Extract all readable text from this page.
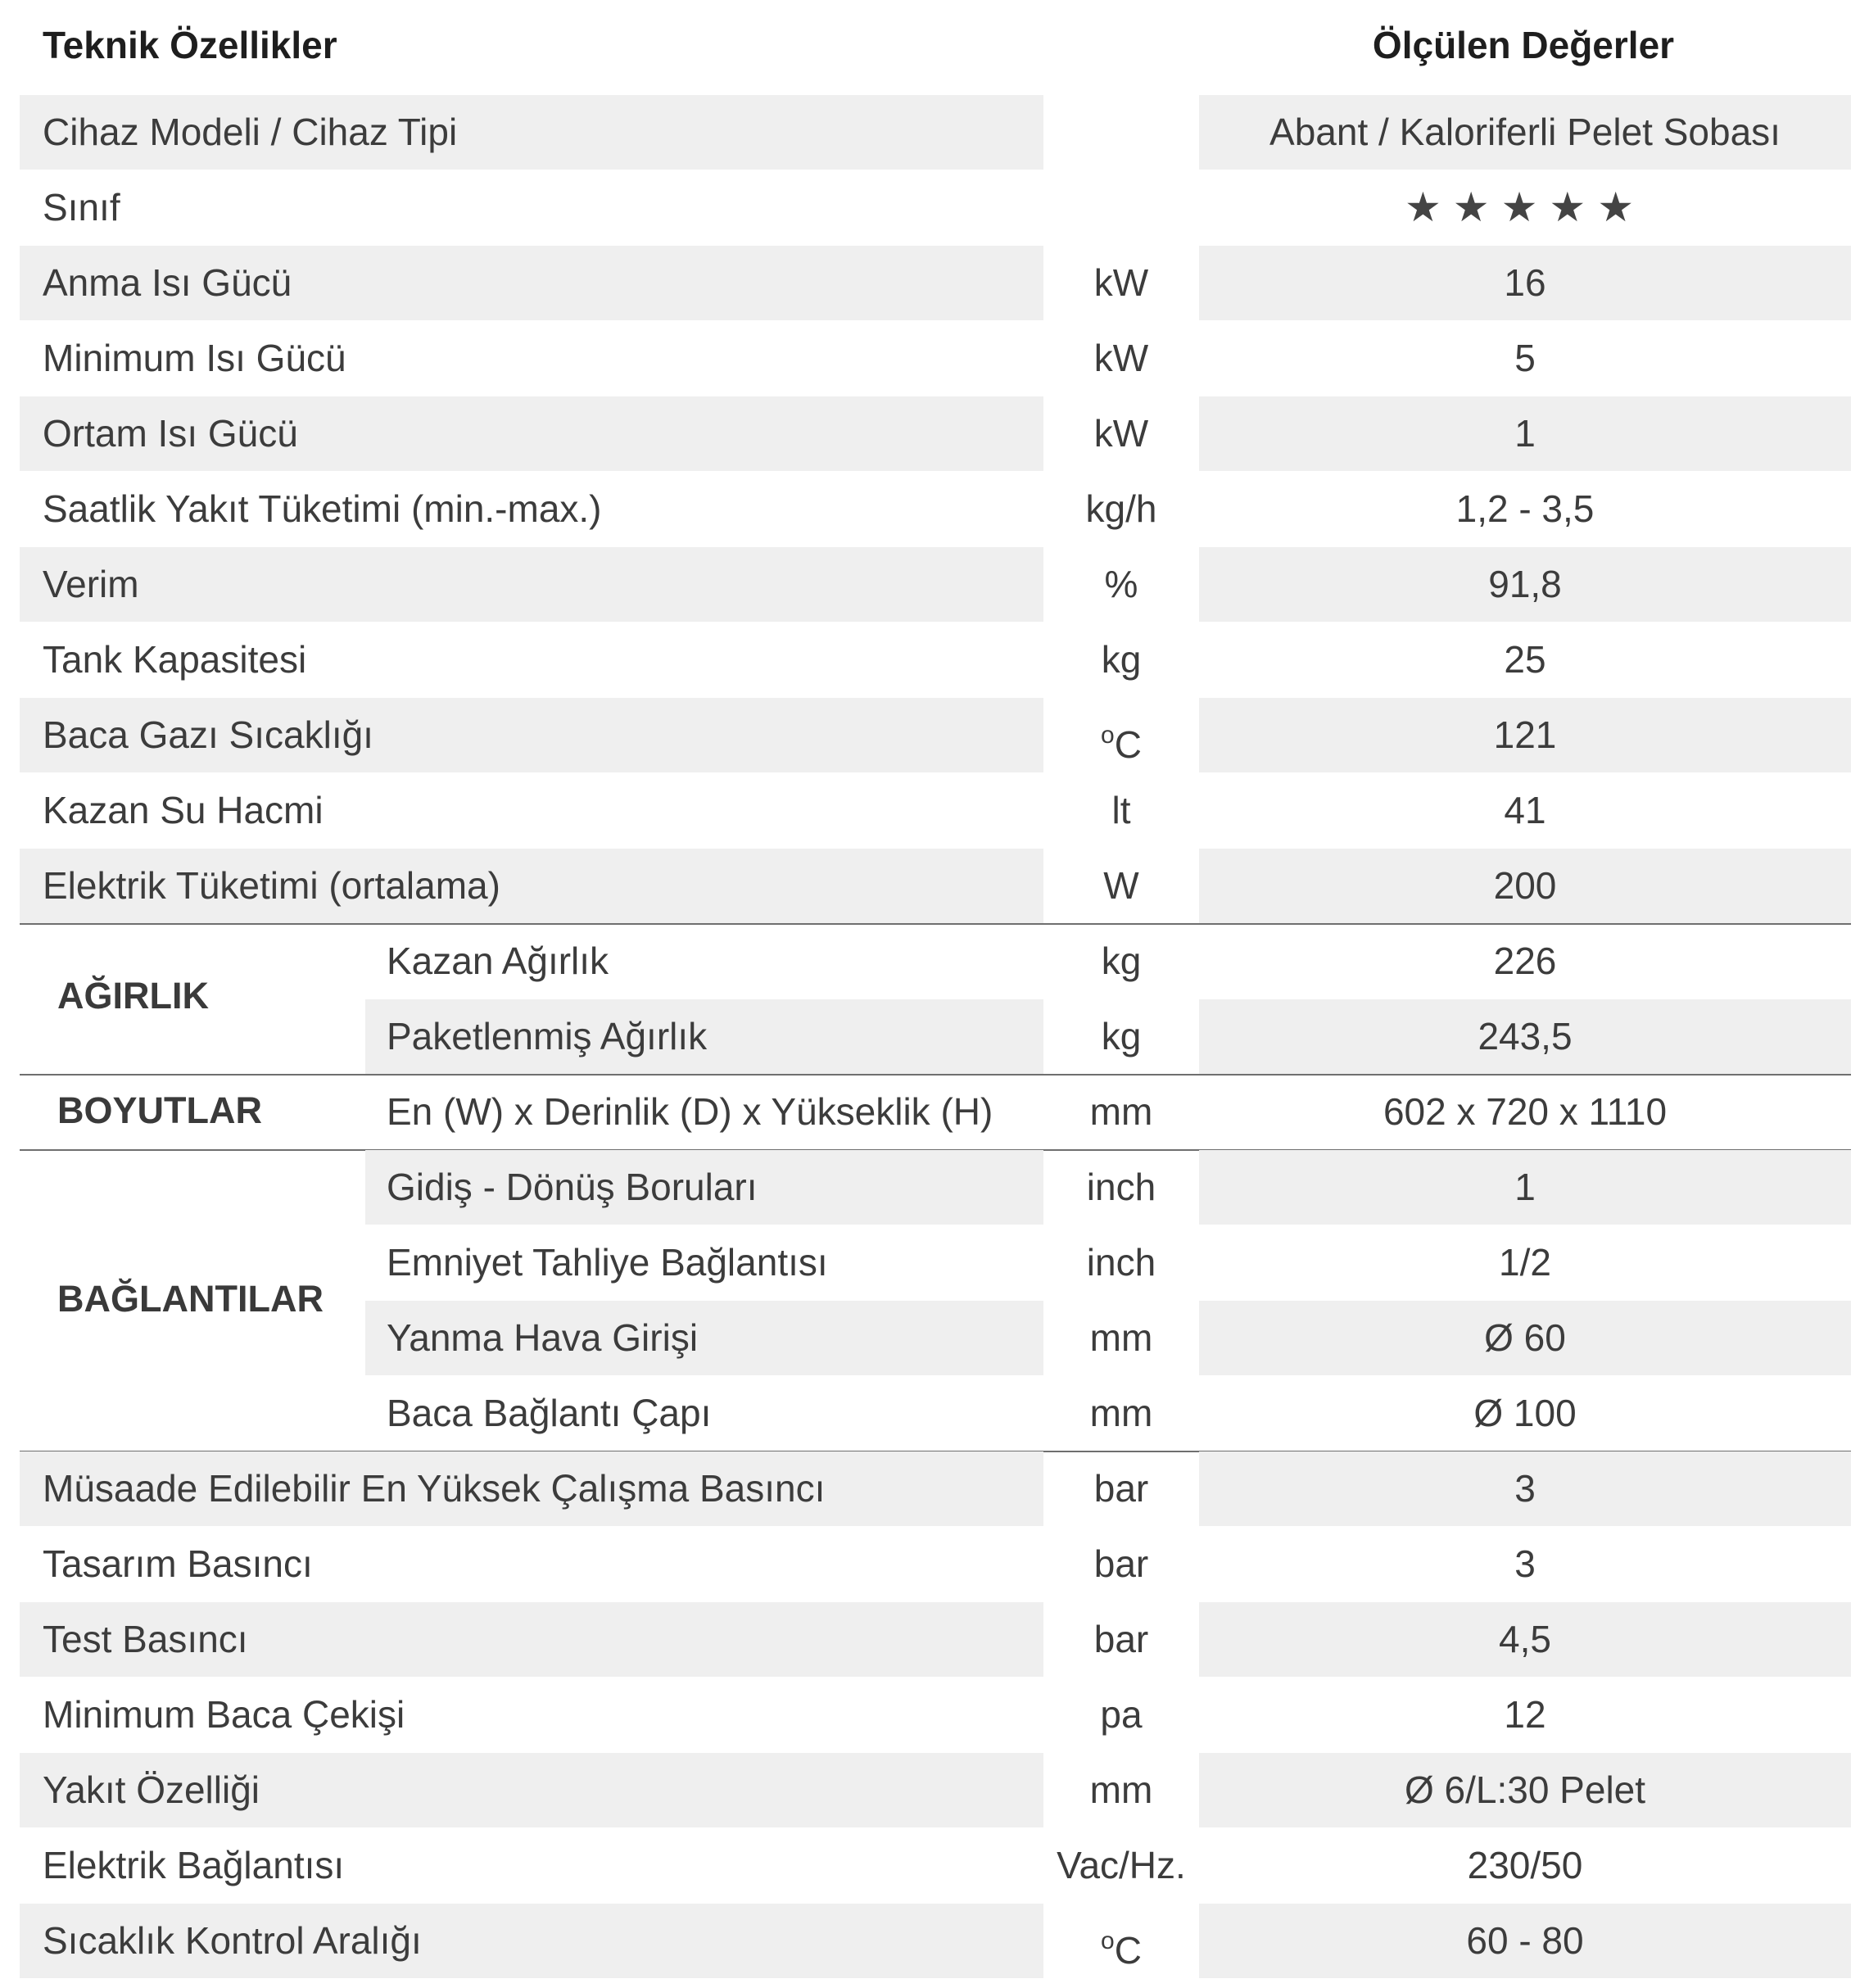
Teknik Özellikler	Ölçülen Değerler
Cihaz Modeli / Cihaz Tipi	Abant / Kaloriferli Pelet Sobası
Sınıf	★★★★★
Anma Isı Gücü	kW	16
Minimum Isı Gücü	kW	5
Ortam Isı Gücü	kW	1
Saatlik Yakıt Tüketimi (min.-max.)	kg/h	1,2 - 3,5
Verim	%	91,8
Tank Kapasitesi	kg	25
Baca Gazı Sıcaklığı	$^o$C	121
Kazan Su Hacmi	lt	41
Elektrik Tüketimi (ortalama)	W	200
AĞIRLIK
Kazan Ağırlık	kg	226
Paketlenmiş Ağırlık	kg	243,5
BOYUTLAR	En (W) x Derinlik (D) x Yükseklik (H)	mm	602 x 720 x 1110
BAĞLANTILAR
Gidiş - Dönüş Boruları	inch	1
Emniyet Tahliye Bağlantısı	inch	1/2
Yanma Hava Girişi	mm	Ø 60
Baca Bağlantı Çapı	mm	Ø 100
Müsaade Edilebilir En Yüksek Çalışma Basıncı	bar	3
Tasarım Basıncı	bar	3
Test Basıncı	bar	4,5
Minimum Baca Çekişi	pa	12
Yakıt Özelliği	mm	Ø 6/L:30 Pelet
Elektrik Bağlantısı	Vac/Hz.	230/50
Sıcaklık Kontrol Aralığı	$^o$C	60 - 80
